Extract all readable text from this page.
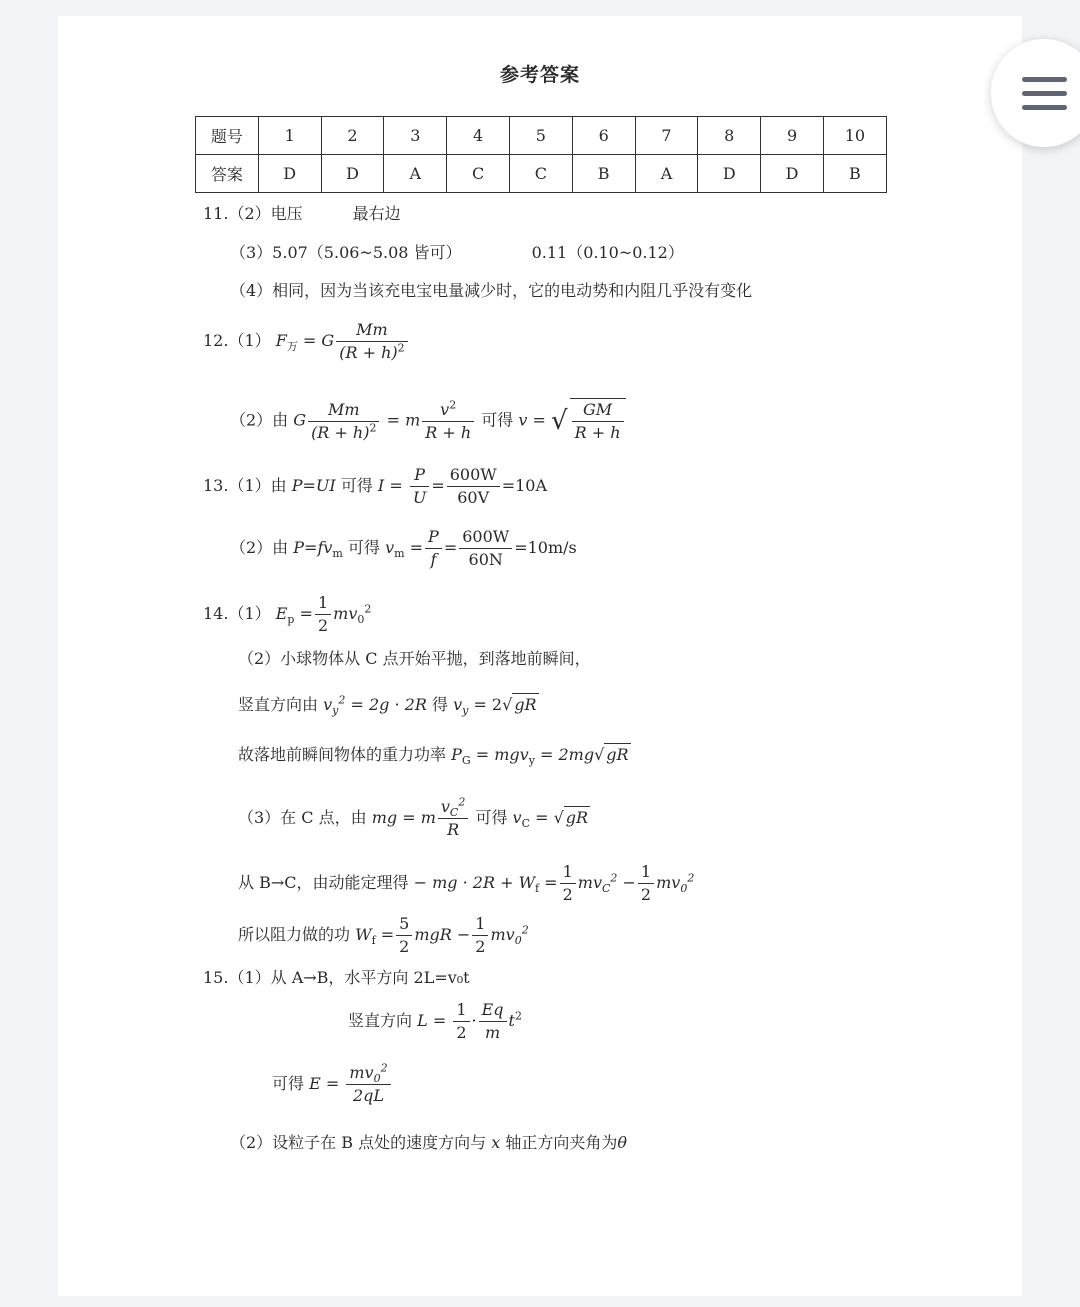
参考答案
题号	1	2	3	4	5	6	7	8	9	10
答案	D	D	A	C	C	B	A	D	D	B
11.（2）电压	最右边
（3）5.07（5.06~5.08 皆可）	0.11（0.10~0.12）
（4）相同，因为当该充电宝电量减少时，它的电动势和内阻几乎没有变化
12.（1） $F_万 = G \frac{Mm}{(R + h)^2}$
（2）由 G $\frac{Mm}{(R + h)^2} = m \frac{v^2}{R + h}$ 可得 v = √ $\frac{GM}{R + h}$
13.（1）由 P=UI 可得 $I = \frac{P}{U} = \frac{600W}{60V} =10A$
（2）由 $P=fv_m$ 可得 $v_m = \frac{P}{f} = \frac{600W}{60N} =10m/s$
14.（1） $E_p = \frac{1}{2} mv_0^2$
（2）小球物体从 C 点开始平抛，到落地前瞬间，
竖直方向由 $v_y^2 = 2g \cdot 2R$ 得 $v_y = 2√$ gR
故落地前瞬间物体的重力功率 $P_G = mgv_y = 2mg√$ gR
（3）在 C 点，由 mg = m $\frac{v_C^2}{R}$ 可得 $v_C$ = √ gR
从 B→C，由动能定理得 − mg · $2R + W_f = \frac{1}{2} mv_C^2 - \frac{1}{2} mv_0^2$
所以阻力做的功 $W_f = \frac{5}{2}$ mgR − $\frac{1}{2} mv_0^2$
15.（1）从 A→B，水平方向 2L=v₀t
竖直方向 $L = \frac{1}{2} \cdot \frac{Eq}{m} t^2$
可得 $E = \frac{mv_0^2}{2qL}$
（2）设粒子在 B 点处的速度方向与 x 轴正方向夹角为θ
